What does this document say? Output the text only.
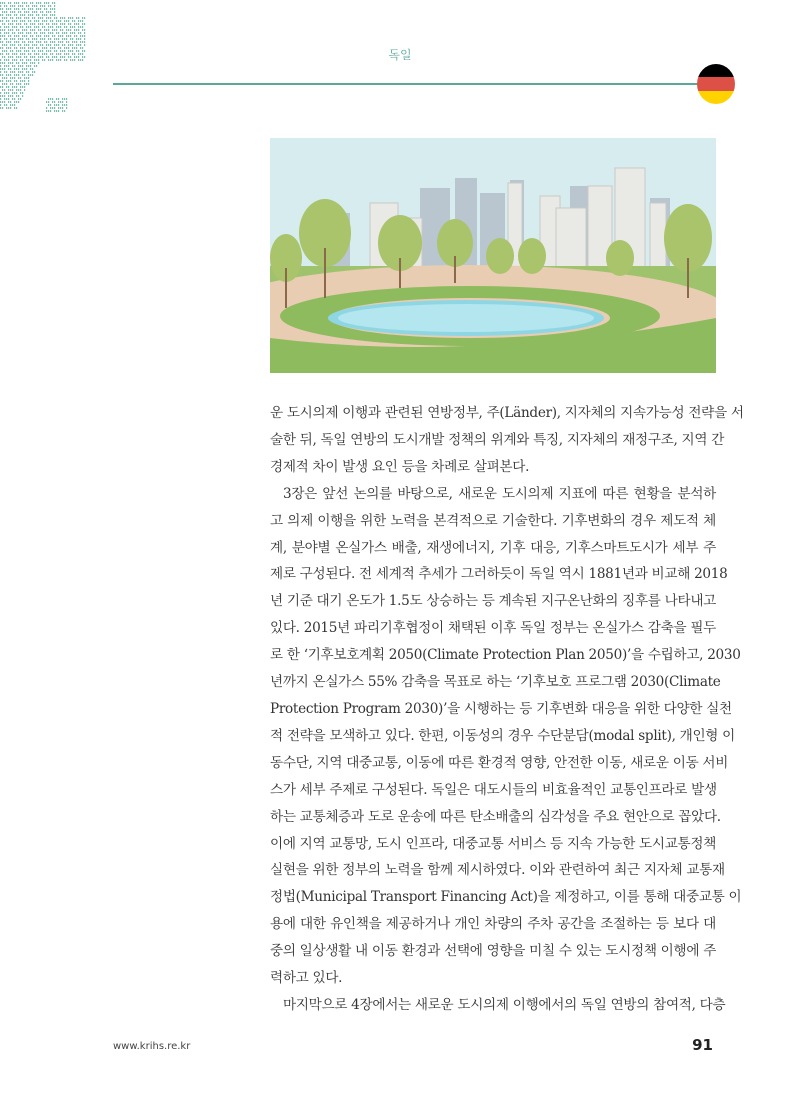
독일
운 도시의제 이행과 관련된 연방정부, 주(Länder), 지자체의 지속가능성 전략을 서
술한 뒤, 독일 연방의 도시개발 정책의 위계와 특징, 지자체의 재정구조, 지역 간
경제적 차이 발생 요인 등을 차례로 살펴본다.
3장은 앞선 논의를 바탕으로, 새로운 도시의제 지표에 따른 현황을 분석하
고 의제 이행을 위한 노력을 본격적으로 기술한다. 기후변화의 경우 제도적 체
계, 분야별 온실가스 배출, 재생에너지, 기후 대응, 기후스마트도시가 세부 주
제로 구성된다. 전 세계적 추세가 그러하듯이 독일 역시 1881년과 비교해 2018
년 기준 대기 온도가 1.5도 상승하는 등 계속된 지구온난화의 징후를 나타내고
있다. 2015년 파리기후협정이 채택된 이후 독일 정부는 온실가스 감축을 필두
로 한 ‘기후보호계획 2050(Climate Protection Plan 2050)’을 수립하고, 2030
년까지 온실가스 55% 감축을 목표로 하는 ‘기후보호 프로그램 2030(Climate
Protection Program 2030)’을 시행하는 등 기후변화 대응을 위한 다양한 실천
적 전략을 모색하고 있다. 한편, 이동성의 경우 수단분담(modal split), 개인형 이
동수단, 지역 대중교통, 이동에 따른 환경적 영향, 안전한 이동, 새로운 이동 서비
스가 세부 주제로 구성된다. 독일은 대도시들의 비효율적인 교통인프라로 발생
하는 교통체증과 도로 운송에 따른 탄소배출의 심각성을 주요 현안으로 꼽았다.
이에 지역 교통망, 도시 인프라, 대중교통 서비스 등 지속 가능한 도시교통정책
실현을 위한 정부의 노력을 함께 제시하였다. 이와 관련하여 최근 지자체 교통재
정법(Municipal Transport Financing Act)을 제정하고, 이를 통해 대중교통 이
용에 대한 유인책을 제공하거나 개인 차량의 주차 공간을 조절하는 등 보다 대
중의 일상생활 내 이동 환경과 선택에 영향을 미칠 수 있는 도시정책 이행에 주
력하고 있다.
마지막으로 4장에서는 새로운 도시의제 이행에서의 독일 연방의 참여적, 다층
www.krihs.re.kr	91
